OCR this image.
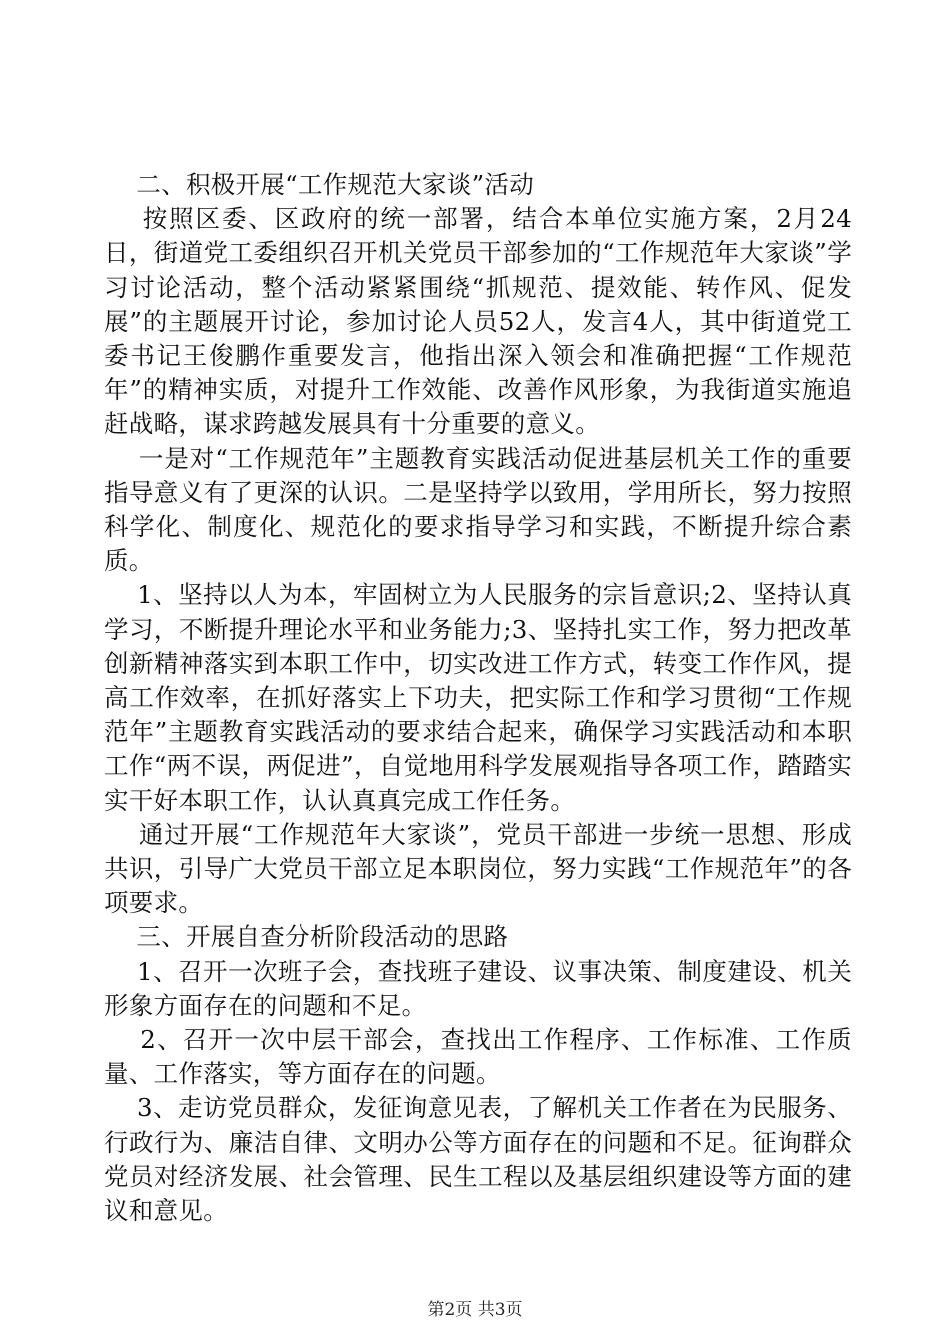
二、积极开展“工作规范大家谈”活动

按照区委、区政府的统一部署，结合本单位实施方案，2月24日，街道党工委组织召开机关党员干部参加的“工作规范年大家谈”学习讨论活动，整个活动紧紧围绕“抓规范、提效能、转作风、促发展”的主题展开讨论，参加讨论人员52人，发言4人，其中街道党工委书记王俊鹏作重要发言，他指出深入领会和准确把握“工作规范年”的精神实质，对提升工作效能、改善作风形象，为我街道实施追赶战略，谋求跨越发展具有十分重要的意义。

一是对“工作规范年”主题教育实践活动促进基层机关工作的重要指导意义有了更深的认识。二是坚持学以致用，学用所长，努力按照科学化、制度化、规范化的要求指导学习和实践，不断提升综合素质。

1、坚持以人为本，牢固树立为人民服务的宗旨意识;2、坚持认真学习，不断提升理论水平和业务能力;3、坚持扎实工作，努力把改革创新精神落实到本职工作中，切实改进工作方式，转变工作作风，提高工作效率，在抓好落实上下功夫，把实际工作和学习贯彻“工作规范年”主题教育实践活动的要求结合起来，确保学习实践活动和本职工作“两不误，两促进”，自觉地用科学发展观指导各项工作，踏踏实实干好本职工作，认认真真完成工作任务。

通过开展“工作规范年大家谈”，党员干部进一步统一思想、形成共识，引导广大党员干部立足本职岗位，努力实践“工作规范年”的各项要求。

三、开展自查分析阶段活动的思路

1、召开一次班子会，查找班子建设、议事决策、制度建设、机关形象方面存在的问题和不足。

2、召开一次中层干部会，查找出工作程序、工作标准、工作质量、工作落实，等方面存在的问题。

3、走访党员群众，发征询意见表，了解机关工作者在为民服务、行政行为、廉洁自律、文明办公等方面存在的问题和不足。征询群众党员对经济发展、社会管理、民生工程以及基层组织建设等方面的建议和意见。

第2页 共3页
